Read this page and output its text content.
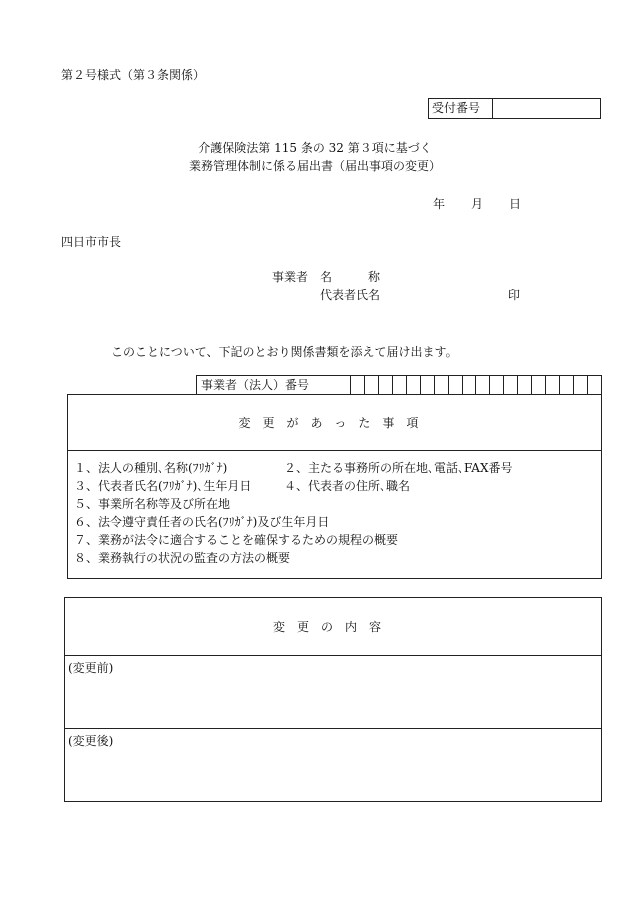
第２号様式（第３条関係）
受付番号
介護保険法第 115 条の 32 第３項に基づく
業務管理体制に係る届出書（届出事項の変更）
年 月 日
四日市市長
事業者 名　　　称
代表者氏名	印
このことについて、下記のとおり関係書類を添えて届け出ます。
事業者（法人）番号
変更があった事項
１、法人の種別､名称(ﾌﾘｶﾞﾅ)	２、主たる事務所の所在地､電話､FAX番号
３、代表者氏名(ﾌﾘｶﾞﾅ)､生年月日	４、代表者の住所､職名
５、事業所名称等及び所在地
６、法令遵守責任者の氏名(ﾌﾘｶﾞﾅ)及び生年月日
７、業務が法令に適合することを確保するための規程の概要
８、業務執行の状況の監査の方法の概要
変更の内容
(変更前)
(変更後)
